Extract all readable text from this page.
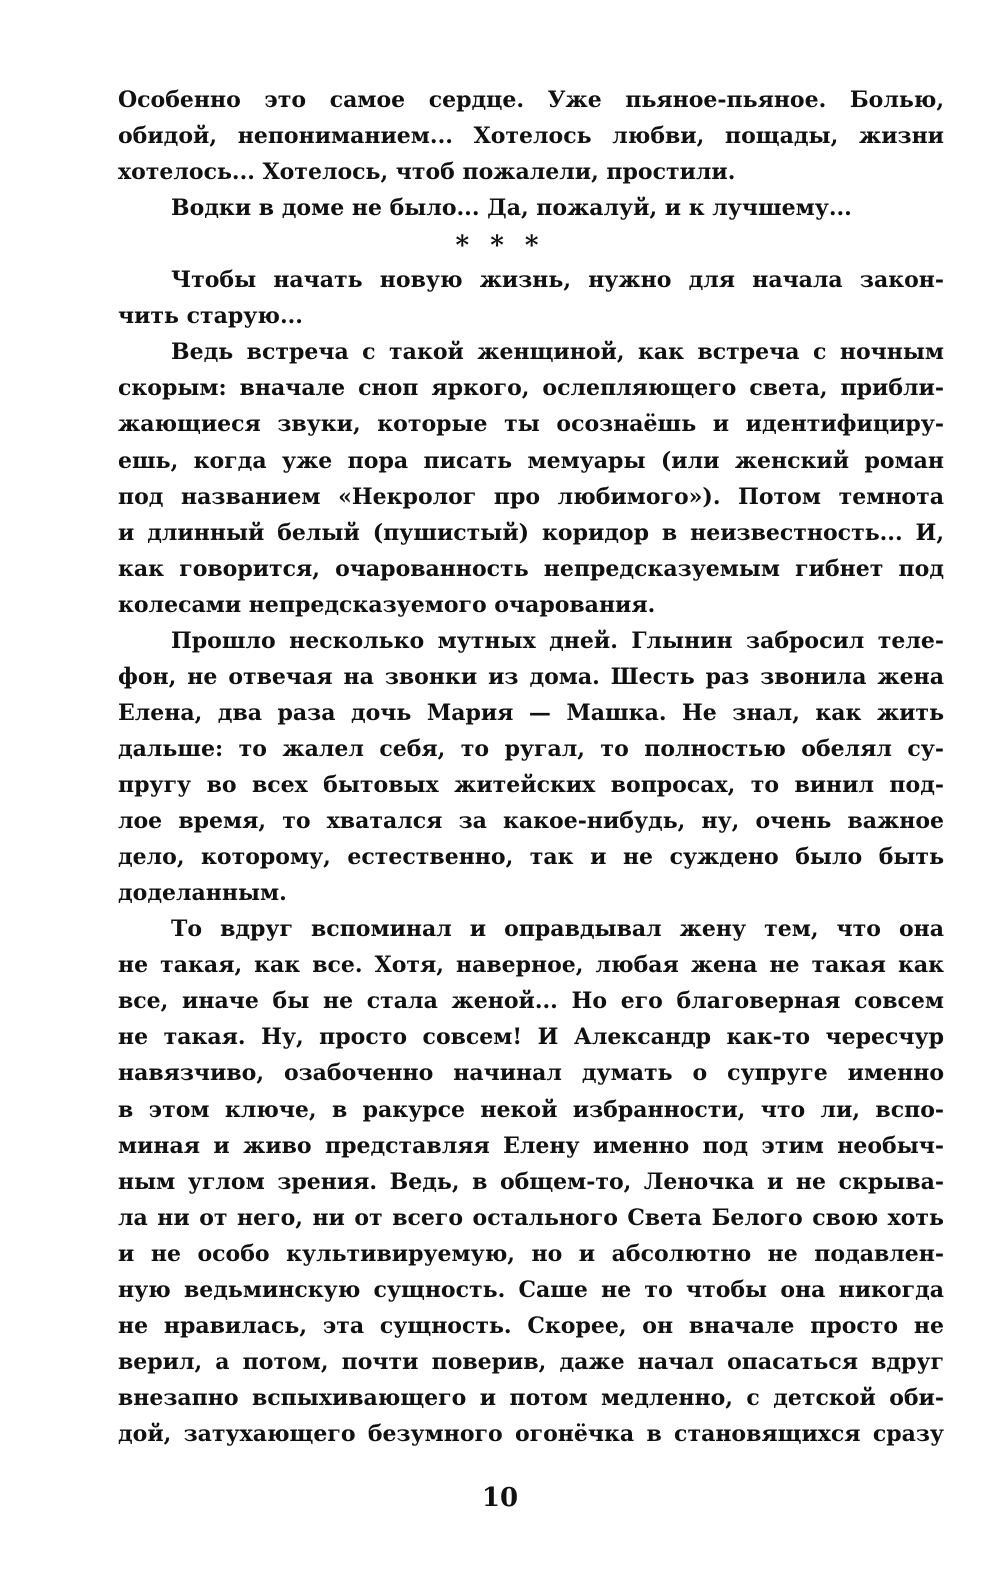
Особенно это самое сердце. Уже пьяное-пьяное. Болью,
обидой, непониманием... Хотелось любви, пощады, жизни
хотелось... Хотелось, чтоб пожалели, простили.
Водки в доме не было... Да, пожалуй, и к лучшему...
* * *
Чтобы начать новую жизнь, нужно для начала закон-
чить старую...
Ведь встреча с такой женщиной, как встреча с ночным
скорым: вначале сноп яркого, ослепляющего света, прибли-
жающиеся звуки, которые ты осознаёшь и идентифициру-
ешь, когда уже пора писать мемуары (или женский роман
под названием «Некролог про любимого»). Потом темнота
и длинный белый (пушистый) коридор в неизвестность... И,
как говорится, очарованность непредсказуемым гибнет под
колесами непредсказуемого очарования.
Прошло несколько мутных дней. Глынин забросил теле-
фон, не отвечая на звонки из дома. Шесть раз звонила жена
Елена, два раза дочь Мария — Машка. Не знал, как жить
дальше: то жалел себя, то ругал, то полностью обелял су-
пругу во всех бытовых житейских вопросах, то винил под-
лое время, то хватался за какое-нибудь, ну, очень важное
дело, которому, естественно, так и не суждено было быть
доделанным.
То вдруг вспоминал и оправдывал жену тем, что она
не такая, как все. Хотя, наверное, любая жена не такая как
все, иначе бы не стала женой... Но его благоверная совсем
не такая. Ну, просто совсем! И Александр как-то чересчур
навязчиво, озабоченно начинал думать о супруге именно
в этом ключе, в ракурсе некой избранности, что ли, вспо-
миная и живо представляя Елену именно под этим необыч-
ным углом зрения. Ведь, в общем-то, Леночка и не скрыва-
ла ни от него, ни от всего остального Света Белого свою хоть
и не особо культивируемую, но и абсолютно не подавлен-
ную ведьминскую сущность. Саше не то чтобы она никогда
не нравилась, эта сущность. Скорее, он вначале просто не
верил, а потом, почти поверив, даже начал опасаться вдруг
внезапно вспыхивающего и потом медленно, с детской оби-
дой, затухающего безумного огонёчка в становящихся сразу
10
